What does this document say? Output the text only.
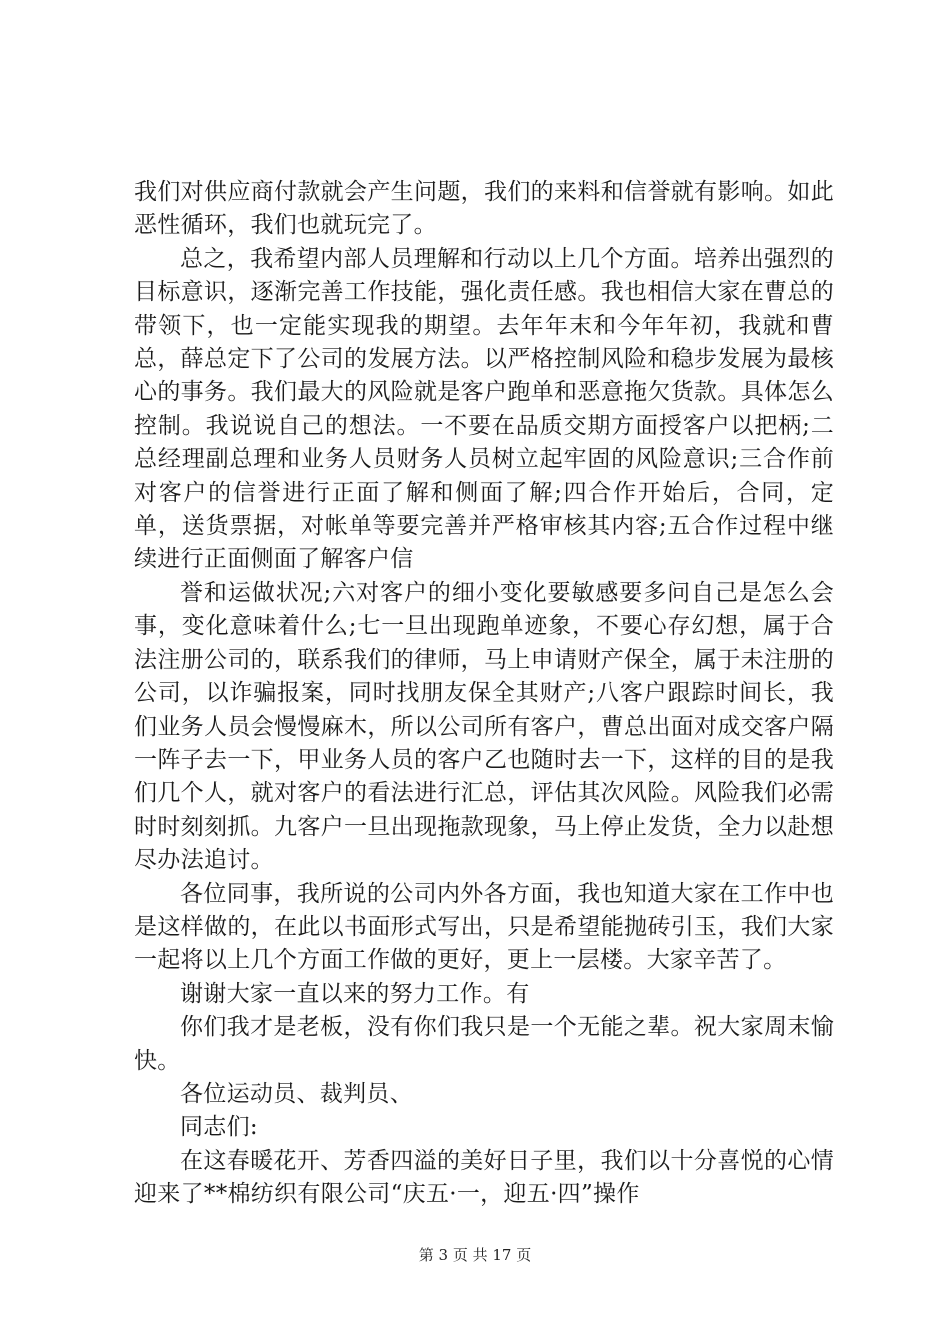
我们对供应商付款就会产生问题，我们的来料和信誉就有影响。如此恶性循环，我们也就玩完了。

总之，我希望内部人员理解和行动以上几个方面。培养出强烈的目标意识，逐渐完善工作技能，强化责任感。我也相信大家在曹总的带领下，也一定能实现我的期望。去年年末和今年年初，我就和曹总，薛总定下了公司的发展方法。以严格控制风险和稳步发展为最核心的事务。我们最大的风险就是客户跑单和恶意拖欠货款。具体怎么控制。我说说自己的想法。一不要在品质交期方面授客户以把柄;二总经理副总理和业务人员财务人员树立起牢固的风险意识;三合作前对客户的信誉进行正面了解和侧面了解;四合作开始后，合同，定单，送货票据，对帐单等要完善并严格审核其内容;五合作过程中继续进行正面侧面了解客户信

誉和运做状况;六对客户的细小变化要敏感要多问自己是怎么会事，变化意味着什么;七一旦出现跑单迹象，不要心存幻想，属于合法注册公司的，联系我们的律师，马上申请财产保全，属于未注册的公司，以诈骗报案，同时找朋友保全其财产;八客户跟踪时间长，我们业务人员会慢慢麻木，所以公司所有客户，曹总出面对成交客户隔一阵子去一下，甲业务人员的客户乙也随时去一下，这样的目的是我们几个人，就对客户的看法进行汇总，评估其次风险。风险我们必需时时刻刻抓。九客户一旦出现拖款现象，马上停止发货，全力以赴想尽办法追讨。

各位同事，我所说的公司内外各方面，我也知道大家在工作中也是这样做的，在此以书面形式写出，只是希望能抛砖引玉，我们大家一起将以上几个方面工作做的更好，更上一层楼。大家辛苦了。

谢谢大家一直以来的努力工作。有

你们我才是老板，没有你们我只是一个无能之辈。祝大家周末愉快。

各位运动员、裁判员、

同志们:

在这春暖花开、芳香四溢的美好日子里，我们以十分喜悦的心情迎来了**棉纺织有限公司“庆五·一，迎五·四”操作

第 3 页 共 17 页
